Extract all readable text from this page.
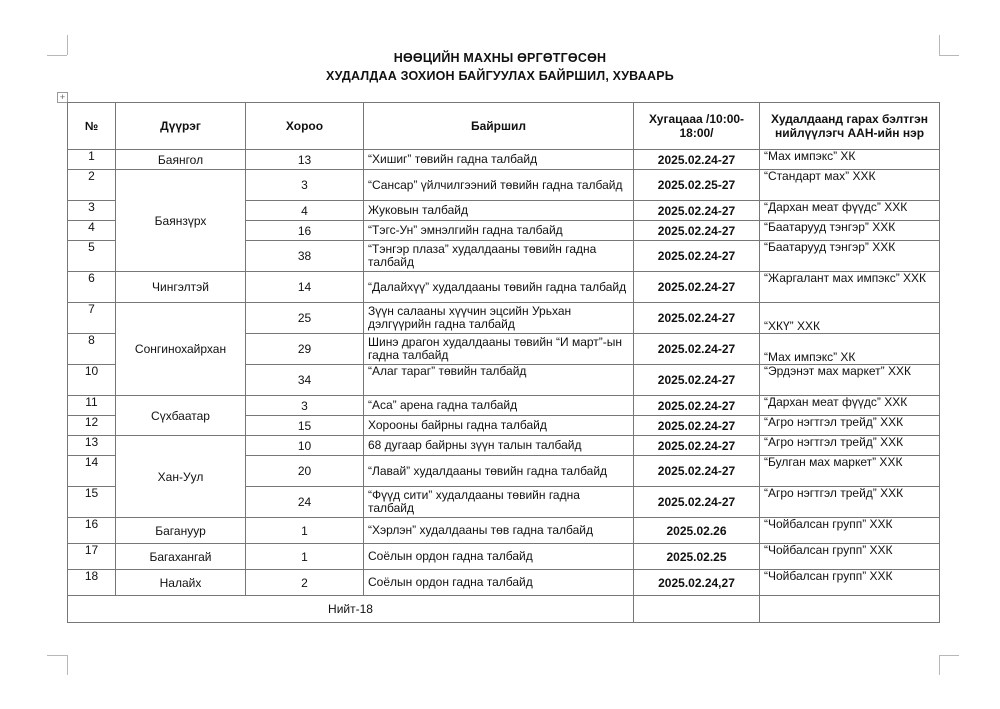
НӨӨЦИЙН МАХНЫ ӨРГӨТГӨСӨН
ХУДАЛДАА ЗОХИОН БАЙГУУЛАХ БАЙРШИЛ, ХУВААРЬ
+
№	Дүүрэг	Хороо	Байршил	Хугацааа /10:00-18:00/	Худалдаанд гарах бэлтгэн нийлүүлэгч ААН-ийн нэр
1	Баянгол	13	“Хишиг” төвийн гадна талбайд	2025.02.24-27	“Мах импэкс” ХК
2	Баянзүрх	3	“Сансар” үйлчилгээний төвийн гадна талбайд	2025.02.25-27	“Стандарт мах” ХХК
3		4	Жуковын талбайд	2025.02.24-27	“Дархан меат фүүдс” ХХК
4		16	“Тэгс-Ун” эмнэлгийн гадна талбайд	2025.02.24-27	“Баатарууд тэнгэр” ХХК
5		38	“Тэнгэр плаза” худалдааны төвийн гадна талбайд	2025.02.24-27	“Баатарууд тэнгэр” ХХК
6	Чингэлтэй	14	“Далайхүү” худалдааны төвийн гадна талбайд	2025.02.24-27	“Жаргалант мах импэкс” ХХК
7	Сонгинохайрхан	25	Зүүн салааны хүүчин эцсийн Урьхан дэлгүүрийн гадна талбайд	2025.02.24-27	“ХКҮ” ХХК
8		29	Шинэ драгон худалдааны төвийн “И март”-ын гадна талбайд	2025.02.24-27	“Мах импэкс” ХК
10		34	“Алаг тараг” төвийн талбайд	2025.02.24-27	“Эрдэнэт мах маркет” ХХК
11	Сүхбаатар	3	“Аса” арена гадна талбайд	2025.02.24-27	“Дархан меат фүүдс” ХХК
12		15	Хорооны байрны гадна талбайд	2025.02.24-27	“Агро нэгтгэл трейд” ХХК
13	Хан-Уул	10	68 дугаар байрны зүүн талын талбайд	2025.02.24-27	“Агро нэгтгэл трейд” ХХК
14		20	“Лавай” худалдааны төвийн гадна талбайд	2025.02.24-27	“Булган мах маркет” ХХК
15		24	“Фүүд сити” худалдааны төвийн гадна талбайд	2025.02.24-27	“Агро нэгтгэл трейд” ХХК
16	Багануур	1	“Хэрлэн” худалдааны төв гадна талбайд	2025.02.26	“Чойбалсан групп” ХХК
17	Багахангай	1	Соёлын ордон гадна талбайд	2025.02.25	“Чойбалсан групп” ХХК
18	Налайх	2	Соёлын ордон гадна талбайд	2025.02.24,27	“Чойбалсан групп” ХХК
Нийт-18					
